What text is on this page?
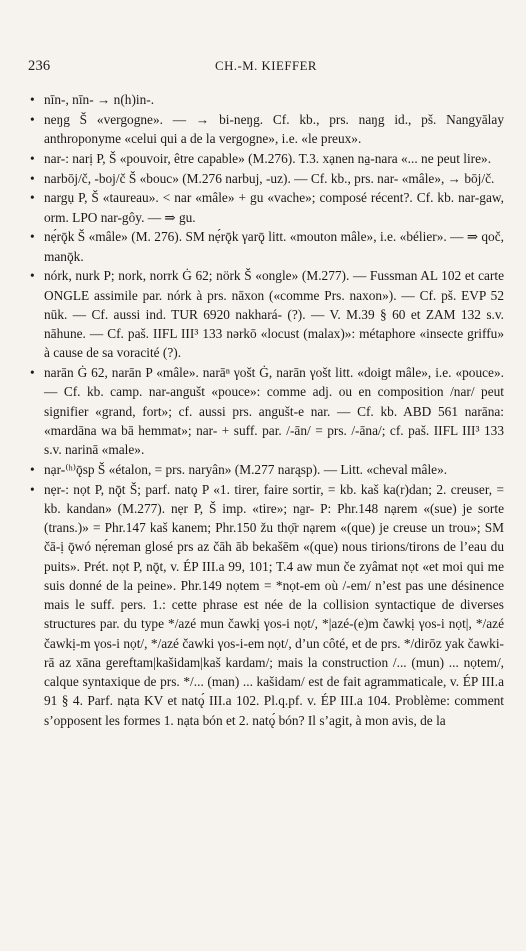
236	CH.-M. KIEFFER
• nīn-, nīn- → n(h)in-.
• neŋg Š «vergogne». — → bi-neŋg. Cf. kb., prs. naŋg id., pš. Nangyālay anthroponyme «celui qui a de la vergogne», i.e. «le preux».
• nar-: narị P, Š «pouvoir, être capable» (M.276). T.3. xạnen na̱-nara «... ne peut lire».
• narbōj/č, -boj/č Š «bouc» (M.276 narbuj, -uz). — Cf. kb., prs. nar- «mâle», → bōj/č.
• nargụ P, Š «taureau». < nar «mâle» + gu «vache»; composé récent?. Cf. kb. nar-gaw, orm. LPO nar-gôy. — ⇒ gu.
• nẹ́rǭk Š «mâle» (M. 276). SM nẹ́rǭk γarǭ litt. «mouton mâle», i.e. «bélier». — ⇒ qoč, manǭk.
• nórk, nurk P; nork, norrk Ġ 62; nörk Š «ongle» (M.277). — Fussman AL 102 et carte ONGLE assimile par. nórk à prs. nāxon («comme Prs. naxon»). — Cf. pš. EVP 52 nūk. — Cf. aussi ind. TUR 6920 nakhará- (?). — V. M.39 § 60 et ZAM 132 s.v. nāhune. — Cf. paš. IIFL III³ 133 nərkō «locust (malax)»: métaphore «insecte griffu» à cause de sa voracité (?).
• narān Ġ 62, narān P «mâle». narāⁿ γošt Ġ, narān γošt litt. «doigt mâle», i.e. «pouce». — Cf. kb. camp. nar-angušt «pouce»: comme adj. ou en composition /nar/ peut signifier «grand, fort»; cf. aussi prs. angušt-e nar. — Cf. kb. ABD 561 narāna: «mardāna wa bā hemmat»; nar- + suff. par. /-ān/ = prs. /-āna/; cf. paš. IIFL III³ 133 s.v. narinā «male».
• nạr-⁽ʰ⁾ǭsp Š «étalon, = prs. naryân» (M.277 narąsp). — Litt. «cheval mâle».
• nẹr-: nọt P, nǭt Š; parf. natǫ P «1. tirer, faire sortir, = kb. kaš ka(r)dan; 2. creuser, = kb. kandan» (M.277). nẹr P, Š imp. «tire»; na̱r- P: Phr.148 nạrem «(sue) je sorte (trans.)» = Phr.147 kaš kanem; Phr.150 žu thọ̄r nạrem «(que) je creuse un trou»; SM čā-ị ǭwó nẹ́reman glosé prs az čāh āb bekašēm «(que) nous tirions/tirons de l’eau du puits». Prét. nọt P, nǭt, v. ÉP III.a 99, 101; T.4 aw mun če zyâmat nọt «et moi qui me suis donné de la peine». Phr.149 nọtem = *nọt-em où /-em/ n’est pas une désinence mais le suff. pers. 1.: cette phrase est née de la collision syntactique de diverses structures par. du type */azé mun čawkị γos-i nọt/, *|azé-(e)m čawkị γos-i nọt|, */azé čawkị-m γos-i nọt/, */azé čawki γos-i-em nọt/, d’un côté, et de prs. */dirōz yak čawki-rā az xāna gereftam|kašidam|kaš kardam/; mais la construction /... (mun) ... nọtem/, calque syntaxique de prs. */... (man) ... kašidam/ est de fait agrammaticale, v. ÉP III.a 91 § 4. Parf. nạta KV et natǫ́ III.a 102. Pl.q.pf. v. ÉP III.a 104. Problème: comment s’opposent les formes 1. nạta bón et 2. natǫ́ bón? Il s’agit, à mon avis, de la
